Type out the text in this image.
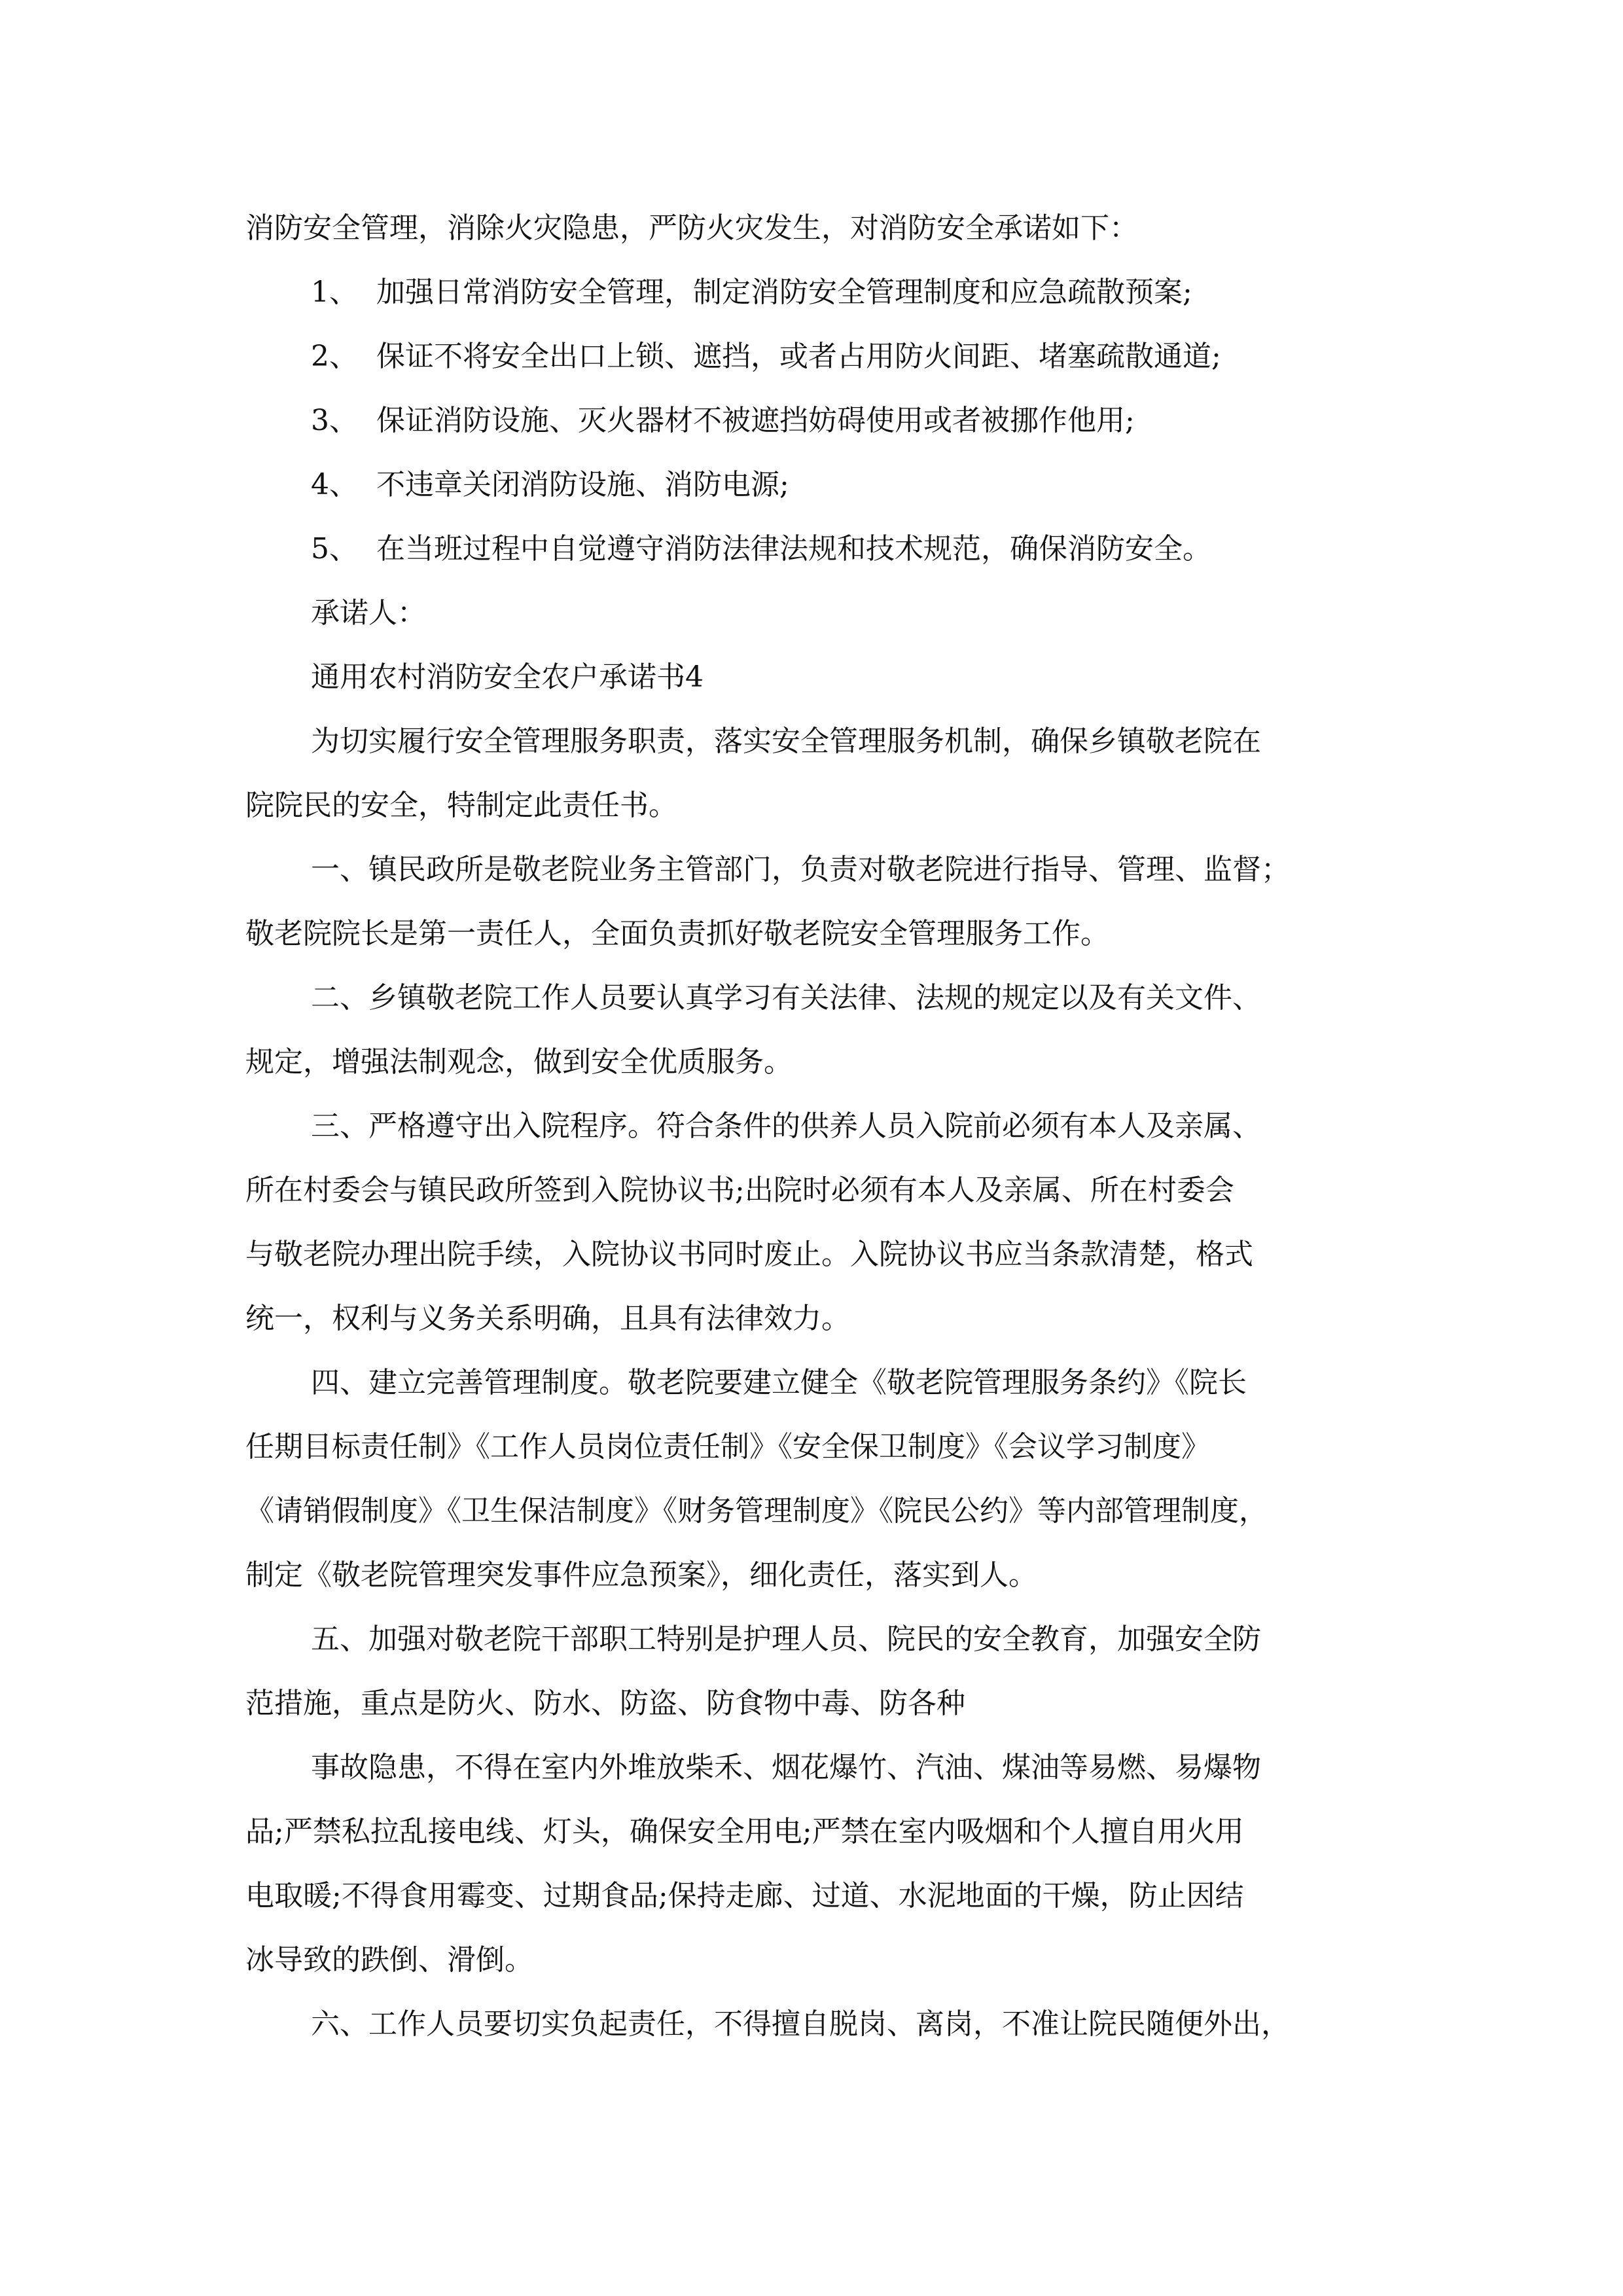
消防安全管理，消除火灾隐患，严防火灾发生，对消防安全承诺如下：
1、 加强日常消防安全管理，制定消防安全管理制度和应急疏散预案;
2、 保证不将安全出口上锁、遮挡，或者占用防火间距、堵塞疏散通道;
3、 保证消防设施、灭火器材不被遮挡妨碍使用或者被挪作他用;
4、 不违章关闭消防设施、消防电源;
5、 在当班过程中自觉遵守消防法律法规和技术规范，确保消防安全。
承诺人：
通用农村消防安全农户承诺书4
为切实履行安全管理服务职责，落实安全管理服务机制，确保乡镇敬老院在
院院民的安全，特制定此责任书。
一、镇民政所是敬老院业务主管部门，负责对敬老院进行指导、管理、监督；
敬老院院长是第一责任人，全面负责抓好敬老院安全管理服务工作。
二、乡镇敬老院工作人员要认真学习有关法律、法规的规定以及有关文件、
规定，增强法制观念，做到安全优质服务。
三、严格遵守出入院程序。符合条件的供养人员入院前必须有本人及亲属、
所在村委会与镇民政所签到入院协议书;出院时必须有本人及亲属、所在村委会
与敬老院办理出院手续，入院协议书同时废止。入院协议书应当条款清楚，格式
统一，权利与义务关系明确，且具有法律效力。
四、建立完善管理制度。敬老院要建立健全《敬老院管理服务条约》《院长
任期目标责任制》《工作人员岗位责任制》《安全保卫制度》《会议学习制度》
《请销假制度》《卫生保洁制度》《财务管理制度》《院民公约》等内部管理制度，
制定《敬老院管理突发事件应急预案》，细化责任，落实到人。
五、加强对敬老院干部职工特别是护理人员、院民的安全教育，加强安全防
范措施，重点是防火、防水、防盗、防食物中毒、防各种
事故隐患，不得在室内外堆放柴禾、烟花爆竹、汽油、煤油等易燃、易爆物
品;严禁私拉乱接电线、灯头，确保安全用电;严禁在室内吸烟和个人擅自用火用
电取暖;不得食用霉变、过期食品;保持走廊、过道、水泥地面的干燥，防止因结
冰导致的跌倒、滑倒。
六、工作人员要切实负起责任，不得擅自脱岗、离岗，不准让院民随便外出，
